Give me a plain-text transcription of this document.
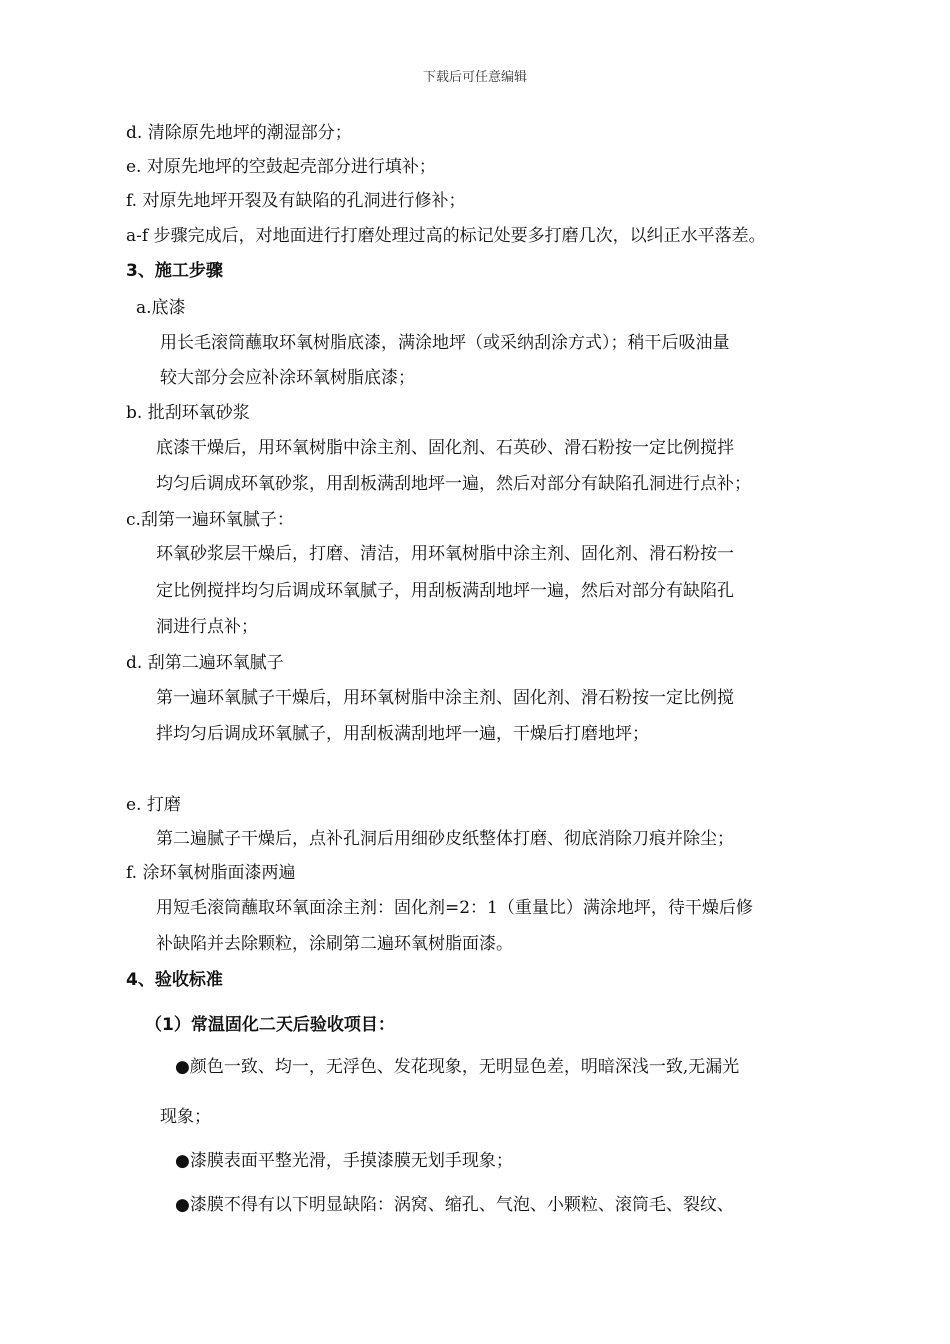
下载后可任意编辑
d. 清除原先地坪的潮湿部分；
e. 对原先地坪的空鼓起壳部分进行填补；
f. 对原先地坪开裂及有缺陷的孔洞进行修补；
a-f 步骤完成后，对地面进行打磨处理过高的标记处要多打磨几次，以纠正水平落差。
3、施工步骤
a.底漆
用长毛滚筒蘸取环氧树脂底漆，满涂地坪（或采纳刮涂方式）；稍干后吸油量
较大部分会应补涂环氧树脂底漆；
b. 批刮环氧砂浆
底漆干燥后，用环氧树脂中涂主剂、固化剂、石英砂、滑石粉按一定比例搅拌
均匀后调成环氧砂浆，用刮板满刮地坪一遍，然后对部分有缺陷孔洞进行点补；
c.刮第一遍环氧腻子：
环氧砂浆层干燥后，打磨、清洁，用环氧树脂中涂主剂、固化剂、滑石粉按一
定比例搅拌均匀后调成环氧腻子，用刮板满刮地坪一遍，然后对部分有缺陷孔
洞进行点补；
d. 刮第二遍环氧腻子
第一遍环氧腻子干燥后，用环氧树脂中涂主剂、固化剂、滑石粉按一定比例搅
拌均匀后调成环氧腻子，用刮板满刮地坪一遍，干燥后打磨地坪；
e. 打磨
第二遍腻子干燥后，点补孔洞后用细砂皮纸整体打磨、彻底消除刀痕并除尘；
f. 涂环氧树脂面漆两遍
用短毛滚筒蘸取环氧面涂主剂：固化剂=2：1（重量比）满涂地坪，待干燥后修
补缺陷并去除颗粒，涂刷第二遍环氧树脂面漆。
4、验收标准
（1）常温固化二天后验收项目：
●颜色一致、均一，无浮色、发花现象，无明显色差，明暗深浅一致,无漏光
现象；
●漆膜表面平整光滑，手摸漆膜无划手现象；
●漆膜不得有以下明显缺陷：涡窝、缩孔、气泡、小颗粒、滚筒毛、裂纹、
